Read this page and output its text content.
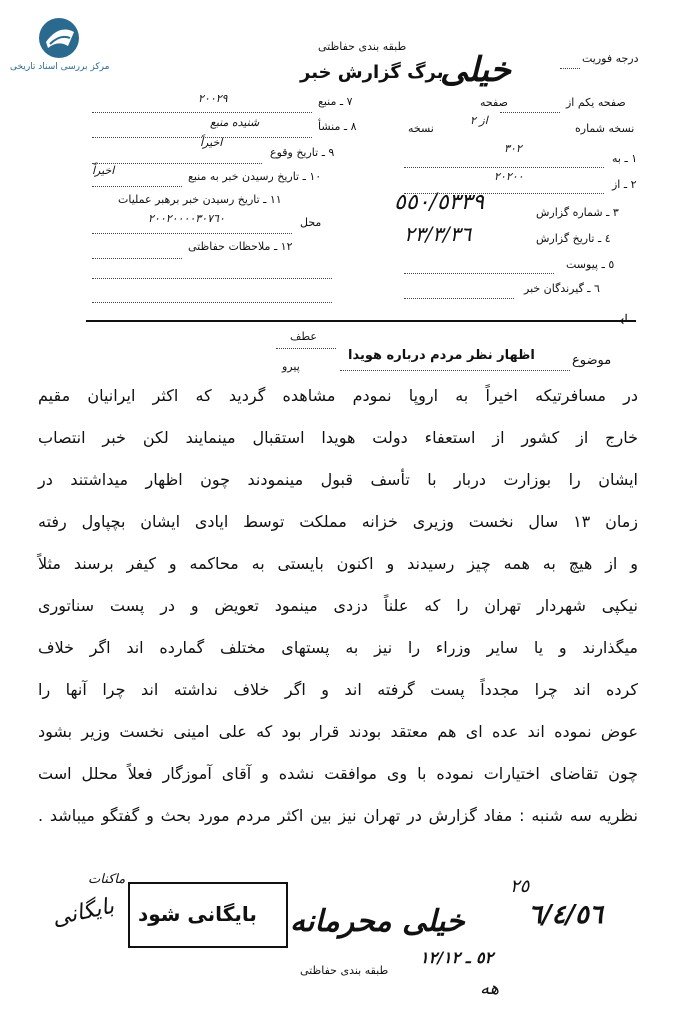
مرکز بررسی اسناد تاریخی
طبقه بندی حفاظتی
خیلی
برگ گزارش خبر
درجه فوریت
٧ ـ منبع
٢٠٠٢٩
٨ ـ منشأ
شنیده منبع
٩ ـ تاریخ وقوع
اخیراً
١٠ ـ تاریخ رسیدن خبر به منبع
اخیراً
١١ ـ تاریخ رسیدن خبر برهبر عملیات
محل
٢٠٠٢٠٠٠٠٣٠٧٦٠
١٢ ـ ملاحظات حفاظتی
صفحه یکم از
صفحه
نسخه شماره
از ٢
نسخه
١ ـ به
٣٠٢
٢ ـ از
٢٠٢٠٠
٣ ـ شماره گزارش
٥٥٠/٥٣٣٩
٤ ـ تاریخ گزارش
٢٣/٣/٣٦
٥ ـ پیوست
٦ ـ گیرندگان خبر
↲
عطف
پیرو	موضوع
اظهار نظر مردم درباره هویدا
در مسافرتیکه اخیراً به اروپا نمودم مشاهده گردید که اکثر ایرانیان مقیم
خارج از کشور از استعفاء دولت هویدا استقبال مینمایند لکن خبر انتصاب
ایشان را بوزارت دربار با تأسف قبول مینمودند چون اظهار میداشتند در
زمان ١٣ سال نخست وزیری خزانه مملکت توسط ایادی ایشان بچپاول رفته
و از هیچ به همه چیز رسیدند و اکنون بایستی به محاکمه و کیفر برسند مثلاً
نیکپی شهردار تهران را که علناً دزدی مینمود تعویض و در پست سناتوری
میگذارند و یا سایر وزراء را نیز به پستهای مختلف گمارده اند اگر خلاف
کرده اند چرا مجدداً پست گرفته اند و اگر خلاف نداشته اند چرا آنها را
عوض نموده اند عده ای هم معتقد بودند قرار بود که علی امینی نخست وزیر بشود
چون تقاضای اختیارات نموده با وی موافقت نشده و آقای آموزگار فعلاً محلل است
نظریه سه شنبه : مفاد گزارش در تهران نیز بین اکثر مردم مورد بحث و گفتگو میباشد .
بایگانی شود خیلی محرمانه
طبقه بندی حفاظتی
بایگانی
ماکنات
٦/٤/٥٦
٢٥
٥٢ ـ ١٢/١٢
هه
